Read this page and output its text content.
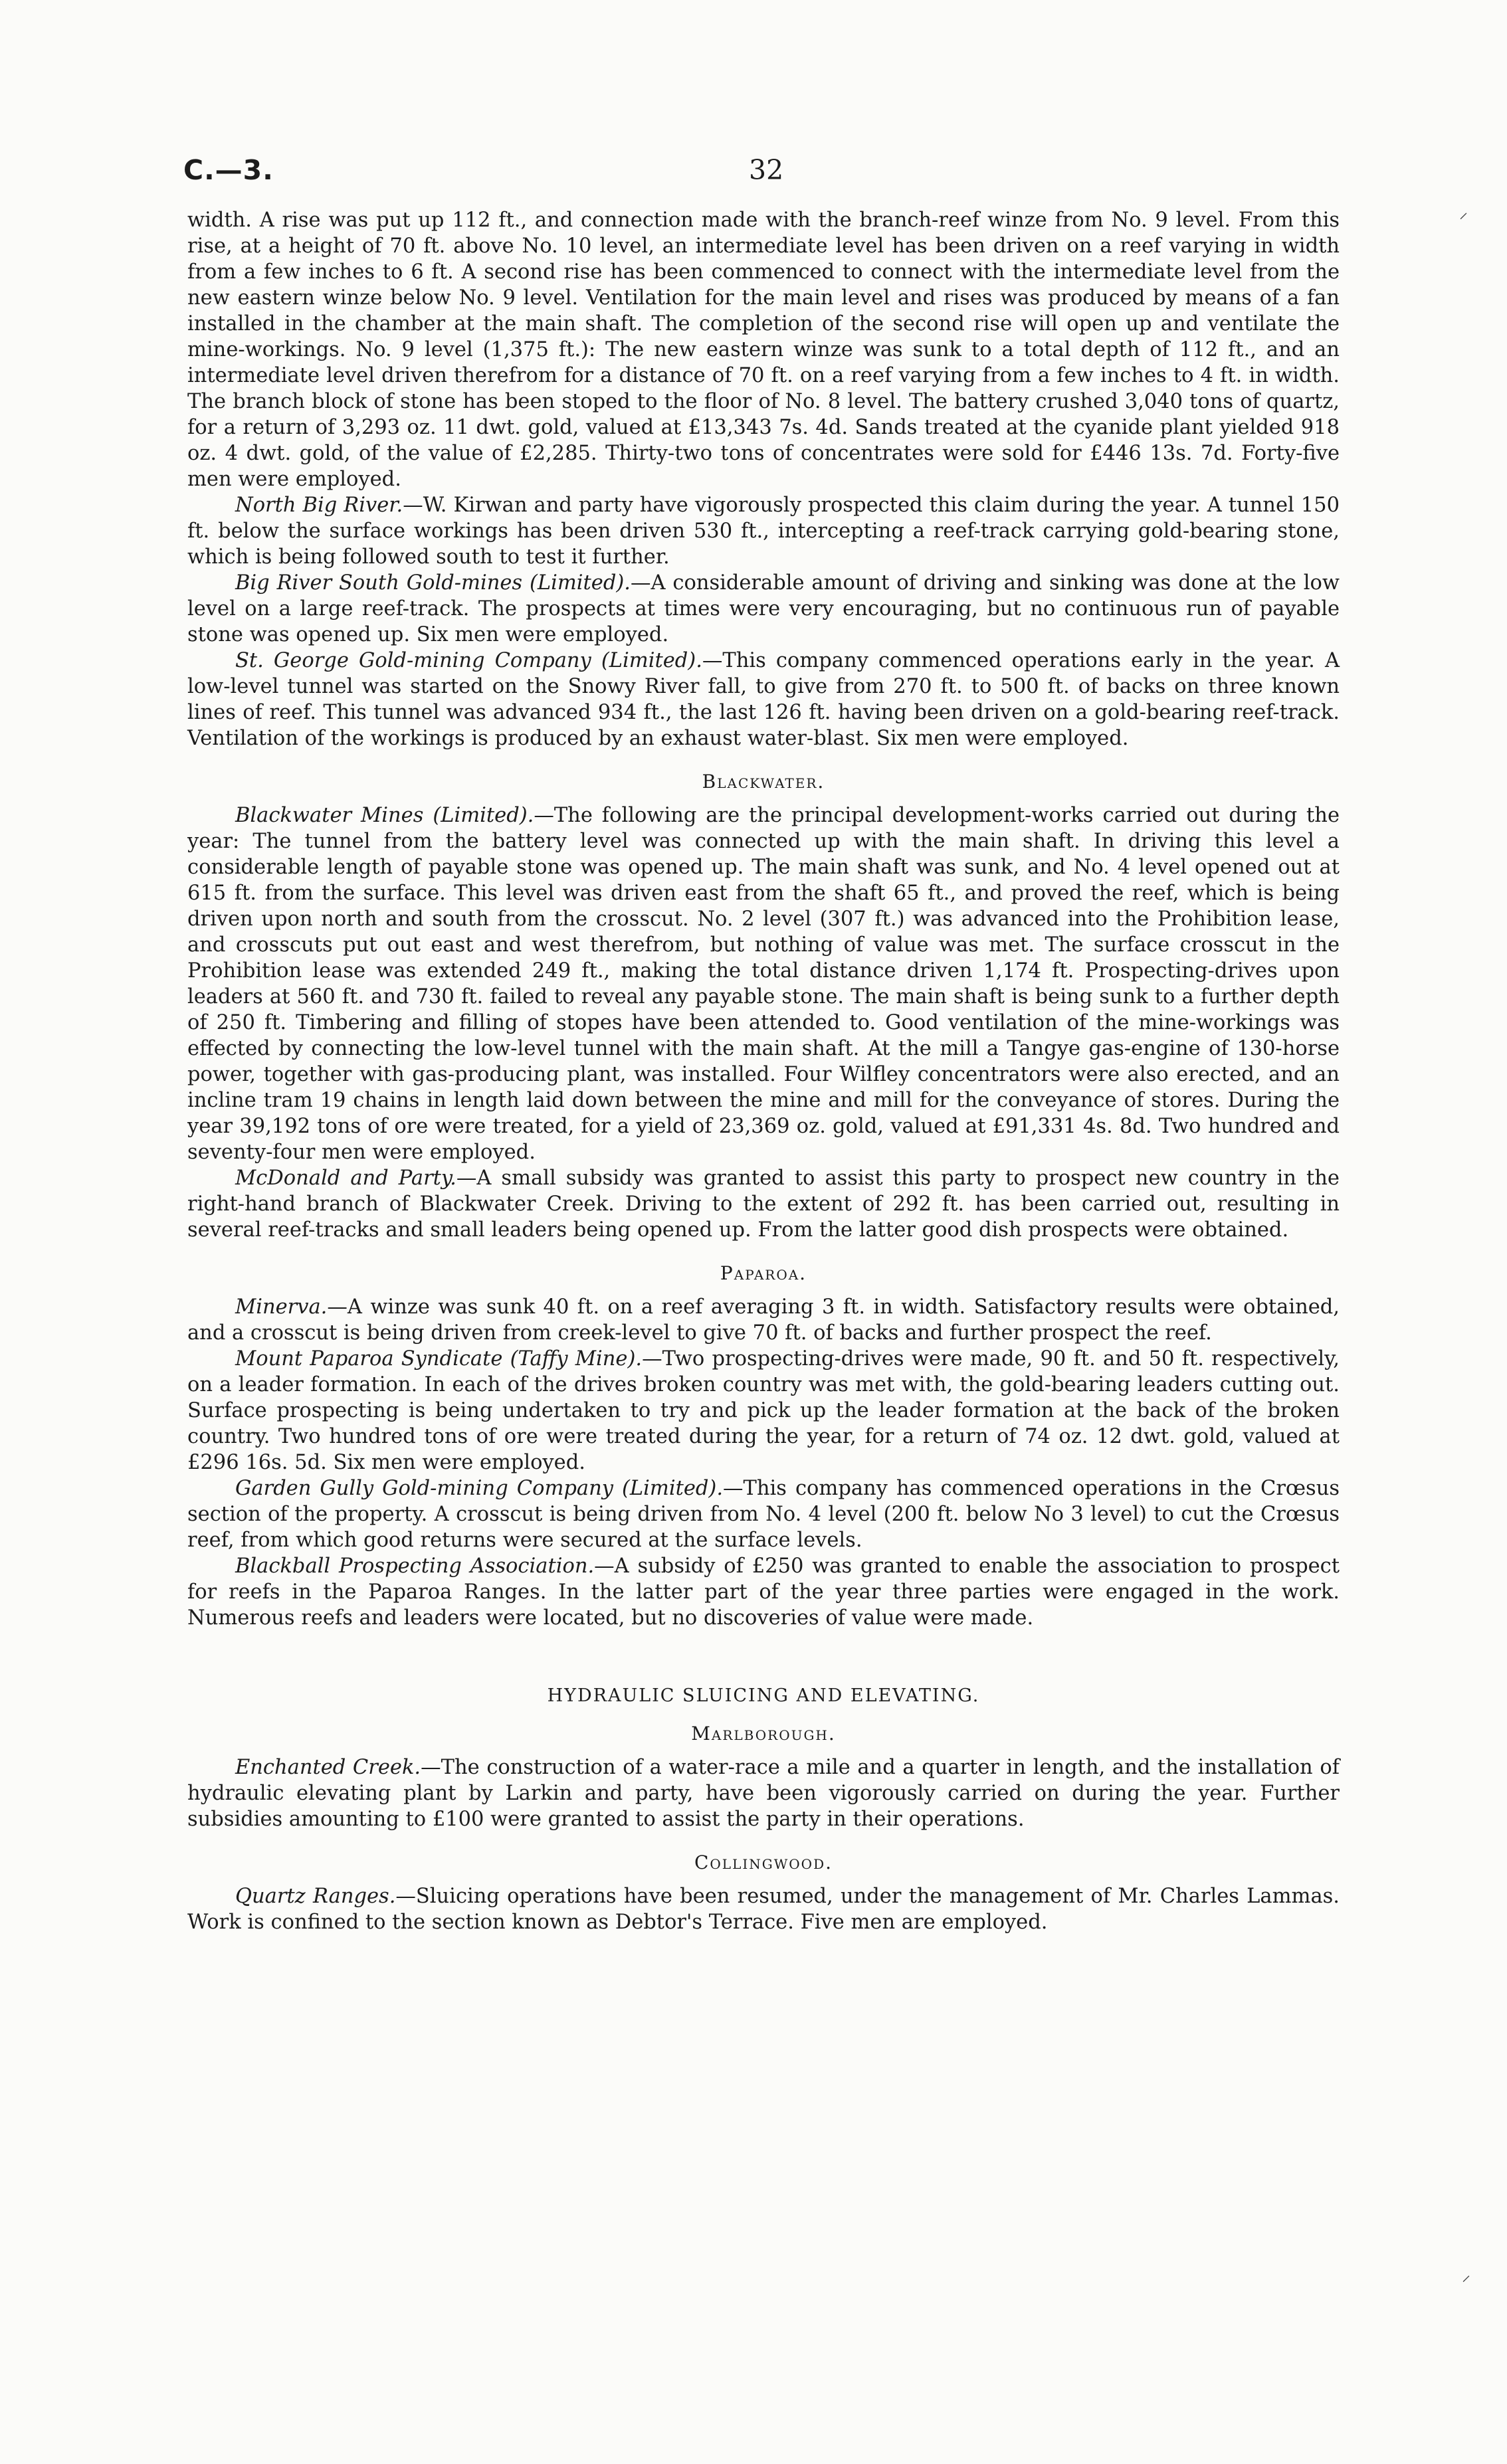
⸝
⸝
C.—3.	32

width. A rise was put up 112 ft., and connection made with the branch-reef winze from No. 9 level. From this rise, at a height of 70 ft. above No. 10 level, an intermediate level has been driven on a reef varying in width from a few inches to 6 ft. A second rise has been commenced to connect with the intermediate level from the new eastern winze below No. 9 level. Ventilation for the main level and rises was produced by means of a fan installed in the chamber at the main shaft. The completion of the second rise will open up and ventilate the mine-workings. No. 9 level (1,375 ft.): The new eastern winze was sunk to a total depth of 112 ft., and an intermediate level driven therefrom for a distance of 70 ft. on a reef varying from a few inches to 4 ft. in width. The branch block of stone has been stoped to the floor of No. 8 level. The battery crushed 3,040 tons of quartz, for a return of 3,293 oz. 11 dwt. gold, valued at £13,343 7s. 4d. Sands treated at the cyanide plant yielded 918 oz. 4 dwt. gold, of the value of £2,285. Thirty-two tons of concentrates were sold for £446 13s. 7d. Forty-five men were employed.

North Big River.—W. Kirwan and party have vigorously prospected this claim during the year. A tunnel 150 ft. below the surface workings has been driven 530 ft., intercepting a reef-track carrying gold-bearing stone, which is being followed south to test it further.

Big River South Gold-mines (Limited).—A considerable amount of driving and sinking was done at the low level on a large reef-track. The prospects at times were very encouraging, but no continuous run of payable stone was opened up. Six men were employed.

St. George Gold-mining Company (Limited).—This company commenced operations early in the year. A low-level tunnel was started on the Snowy River fall, to give from 270 ft. to 500 ft. of backs on three known lines of reef. This tunnel was advanced 934 ft., the last 126 ft. having been driven on a gold-bearing reef-track. Ventilation of the workings is produced by an exhaust water-blast. Six men were employed.

Blackwater.

Blackwater Mines (Limited).—The following are the principal development-works carried out during the year: The tunnel from the battery level was connected up with the main shaft. In driving this level a considerable length of payable stone was opened up. The main shaft was sunk, and No. 4 level opened out at 615 ft. from the surface. This level was driven east from the shaft 65 ft., and proved the reef, which is being driven upon north and south from the crosscut. No. 2 level (307 ft.) was advanced into the Prohibition lease, and crosscuts put out east and west therefrom, but nothing of value was met. The surface crosscut in the Prohibition lease was extended 249 ft., making the total distance driven 1,174 ft. Prospecting-drives upon leaders at 560 ft. and 730 ft. failed to reveal any payable stone. The main shaft is being sunk to a further depth of 250 ft. Timbering and filling of stopes have been attended to. Good ventilation of the mine-workings was effected by connecting the low-level tunnel with the main shaft. At the mill a Tangye gas-engine of 130-horse power, together with gas-producing plant, was installed. Four Wilfley concentrators were also erected, and an incline tram 19 chains in length laid down between the mine and mill for the conveyance of stores. During the year 39,192 tons of ore were treated, for a yield of 23,369 oz. gold, valued at £91,331 4s. 8d. Two hundred and seventy-four men were employed.

McDonald and Party.—A small subsidy was granted to assist this party to prospect new country in the right-hand branch of Blackwater Creek. Driving to the extent of 292 ft. has been carried out, resulting in several reef-tracks and small leaders being opened up. From the latter good dish prospects were obtained.

Paparoa.

Minerva.—A winze was sunk 40 ft. on a reef averaging 3 ft. in width. Satisfactory results were obtained, and a crosscut is being driven from creek-level to give 70 ft. of backs and further prospect the reef.

Mount Paparoa Syndicate (Taffy Mine).—Two prospecting-drives were made, 90 ft. and 50 ft. respectively, on a leader formation. In each of the drives broken country was met with, the gold-bearing leaders cutting out. Surface prospecting is being undertaken to try and pick up the leader formation at the back of the broken country. Two hundred tons of ore were treated during the year, for a return of 74 oz. 12 dwt. gold, valued at £296 16s. 5d. Six men were employed.

Garden Gully Gold-mining Company (Limited).—This company has commenced operations in the Crœsus section of the property. A crosscut is being driven from No. 4 level (200 ft. below No 3 level) to cut the Crœsus reef, from which good returns were secured at the surface levels.

Blackball Prospecting Association.—A subsidy of £250 was granted to enable the association to prospect for reefs in the Paparoa Ranges. In the latter part of the year three parties were engaged in the work. Numerous reefs and leaders were located, but no discoveries of value were made.

HYDRAULIC SLUICING AND ELEVATING.
Marlborough.

Enchanted Creek.—The construction of a water-race a mile and a quarter in length, and the installation of hydraulic elevating plant by Larkin and party, have been vigorously carried on during the year. Further subsidies amounting to £100 were granted to assist the party in their operations.

Collingwood.

Quartz Ranges.—Sluicing operations have been resumed, under the management of Mr. Charles Lammas. Work is confined to the section known as Debtor's Terrace. Five men are employed.
